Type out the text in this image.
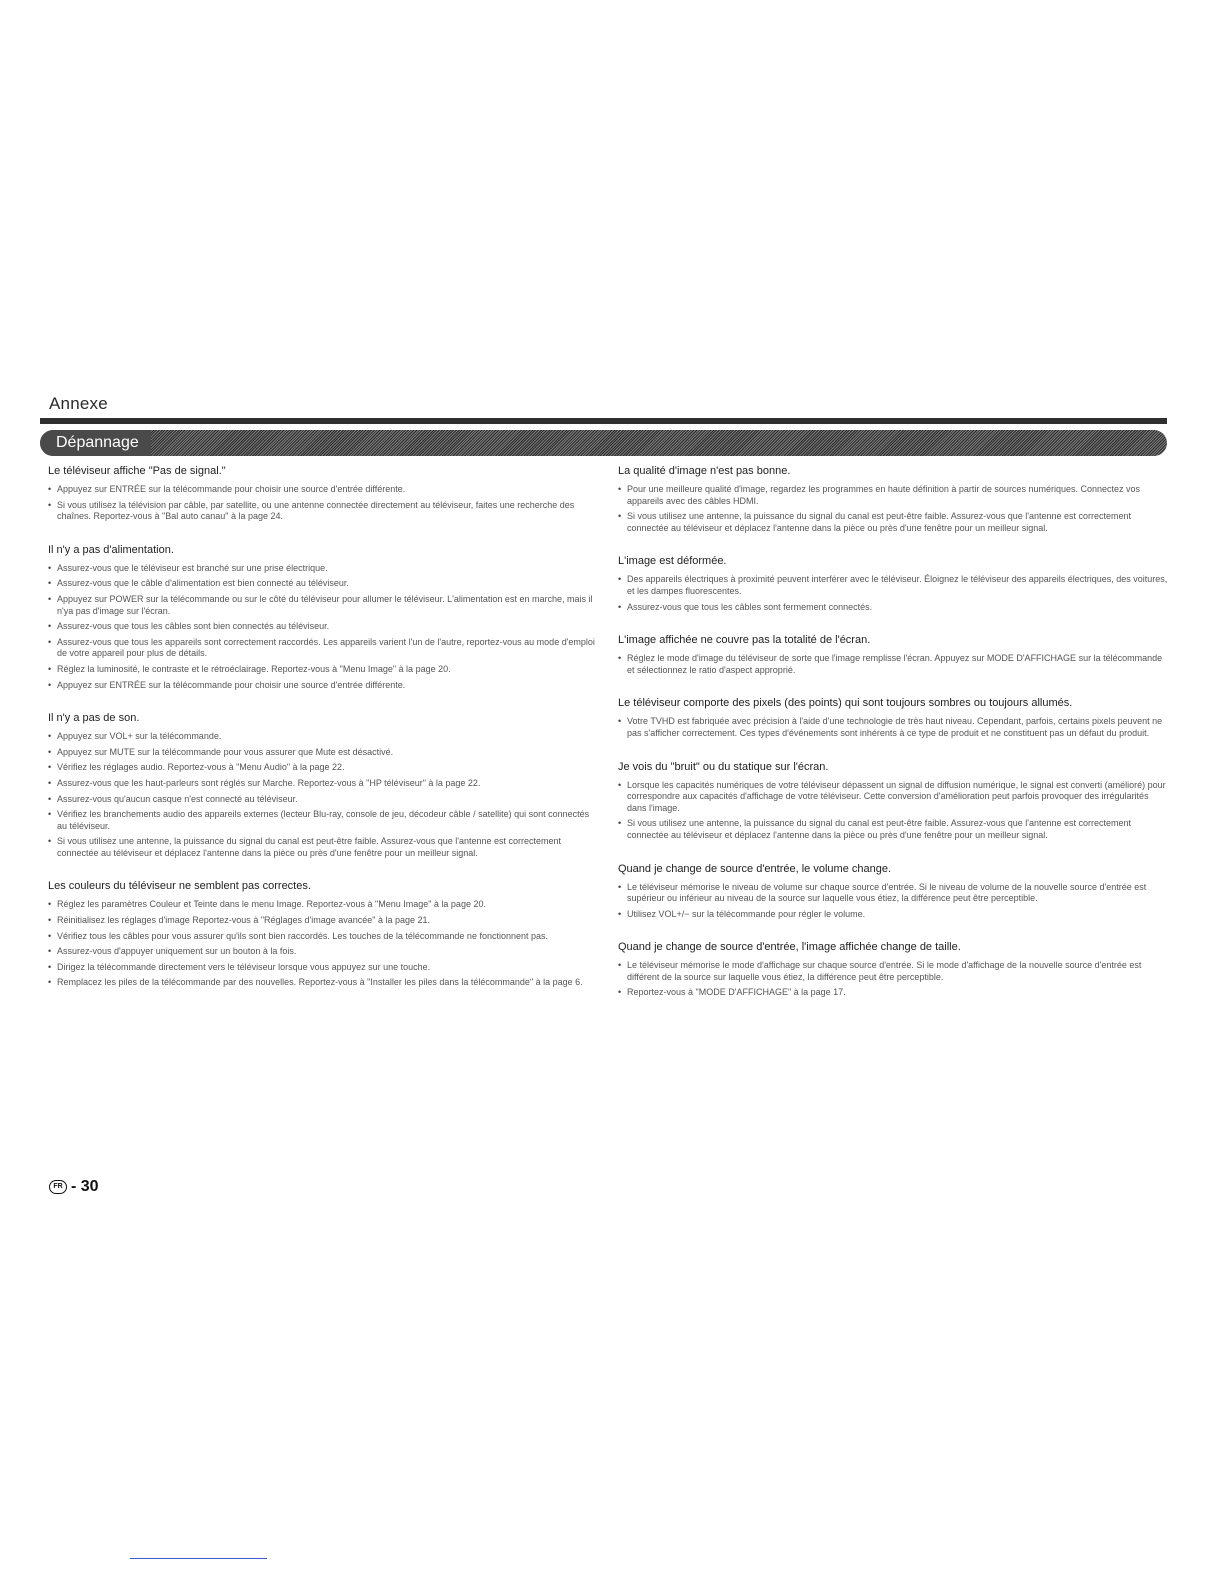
Annexe
Dépannage
Le téléviseur affiche "Pas de signal."
• Appuyez sur ENTRÉE sur la télécommande pour choisir une source d'entrée différente.
• Si vous utilisez la télévision par câble, par satellite, ou une antenne connectée directement au téléviseur, faites une recherche des chaînes. Reportez-vous à "Bal auto canau" à la page 24.
Il n'y a pas d'alimentation.
• Assurez-vous que le téléviseur est branché sur une prise électrique.
• Assurez-vous que le câble d'alimentation est bien connecté au téléviseur.
• Appuyez sur POWER sur la télécommande ou sur le côté du téléviseur pour allumer le téléviseur. L'alimentation est en marche, mais il n'ya pas d'image sur l'écran.
• Assurez-vous que tous les câbles sont bien connectés au téléviseur.
• Assurez-vous que tous les appareils sont correctement raccordés. Les appareils varient l'un de l'autre, reportez-vous au mode d'emploi de votre appareil pour plus de détails.
• Réglez la luminosité, le contraste et le rétroéclairage. Reportez-vous à "Menu Image" à la page 20.
• Appuyez sur ENTRÉE sur la télécommande pour choisir une source d'entrée différente.
Il n'y a pas de son.
• Appuyez sur VOL+ sur la télécommande.
• Appuyez sur MUTE sur la télécommande pour vous assurer que Mute est désactivé.
• Vérifiez les réglages audio. Reportez-vous à "Menu Audio" à la page 22.
• Assurez-vous que les haut-parleurs sont réglés sur Marche. Reportez-vous à "HP téléviseur" à la page 22.
• Assurez-vous qu'aucun casque n'est connecté au téléviseur.
• Vérifiez les branchements audio des appareils externes (lecteur Blu-ray, console de jeu, décodeur câble / satellite) qui sont connectés au téléviseur.
• Si vous utilisez une antenne, la puissance du signal du canal est peut-être faible. Assurez-vous que l'antenne est correctement connectée au téléviseur et déplacez l'antenne dans la pièce ou près d'une fenêtre pour un meilleur signal.
Les couleurs du téléviseur ne semblent pas correctes.
• Réglez les paramètres Couleur et Teinte dans le menu Image. Reportez-vous à "Menu Image" à la page 20.
• Réinitialisez les réglages d'image Reportez-vous à "Réglages d'image avancée" à la page 21.
• Vérifiez tous les câbles pour vous assurer qu'ils sont bien raccordés. Les touches de la télécommande ne fonctionnent pas.
• Assurez-vous d'appuyer uniquement sur un bouton à la fois.
• Dirigez la télécommande directement vers le téléviseur lorsque vous appuyez sur une touche.
• Remplacez les piles de la télécommande par des nouvelles. Reportez-vous à "Installer les piles dans la télécommande" à la page 6.
La qualité d'image n'est pas bonne.
• Pour une meilleure qualité d'image, regardez les programmes en haute définition à partir de sources numériques. Connectez vos appareils avec des câbles HDMI.
• Si vous utilisez une antenne, la puissance du signal du canal est peut-être faible. Assurez-vous que l'antenne est correctement connectée au téléviseur et déplacez l'antenne dans la pièce ou près d'une fenêtre pour un meilleur signal.
L'image est déformée.
• Des appareils électriques à proximité peuvent interférer avec le téléviseur. Éloignez le téléviseur des appareils électriques, des voitures, et les dampes fluorescentes.
• Assurez-vous que tous les câbles sont fermement connectés.
L'image affichée ne couvre pas la totalité de l'écran.
• Réglez le mode d'image du téléviseur de sorte que l'image remplisse l'écran. Appuyez sur MODE D'AFFICHAGE sur la télécommande et sélectionnez le ratio d'aspect approprié.
Le téléviseur comporte des pixels (des points) qui sont toujours sombres ou toujours allumés.
• Votre TVHD est fabriquée avec précision à l'aide d'une technologie de très haut niveau. Cependant, parfois, certains pixels peuvent ne pas s'afficher correctement. Ces types d'événements sont inhérents à ce type de produit et ne constituent pas un défaut du produit.
Je vois du "bruit" ou du statique sur l'écran.
• Lorsque les capacités numériques de votre téléviseur dépassent un signal de diffusion numérique, le signal est converti (amélioré) pour correspondre aux capacités d'affichage de votre téléviseur. Cette conversion d'amélioration peut parfois provoquer des irrégularités dans l'image.
• Si vous utilisez une antenne, la puissance du signal du canal est peut-être faible. Assurez-vous que l'antenne est correctement connectée au téléviseur et déplacez l'antenne dans la pièce ou près d'une fenêtre pour un meilleur signal.
Quand je change de source d'entrée, le volume change.
• Le téléviseur mémorise le niveau de volume sur chaque source d'entrée. Si le niveau de volume de la nouvelle source d'entrée est supérieur ou inférieur au niveau de la source sur laquelle vous étiez, la différence peut être perceptible.
• Utilisez VOL+/− sur la télécommande pour régler le volume.
Quand je change de source d'entrée, l'image affichée change de taille.
• Le téléviseur mémorise le mode d'affichage sur chaque source d'entrée. Si le mode d'affichage de la nouvelle source d'entrée est différent de la source sur laquelle vous étiez, la différence peut être perceptible.
• Reportez-vous à "MODE D'AFFICHAGE" à la page 17.
FR - 30
